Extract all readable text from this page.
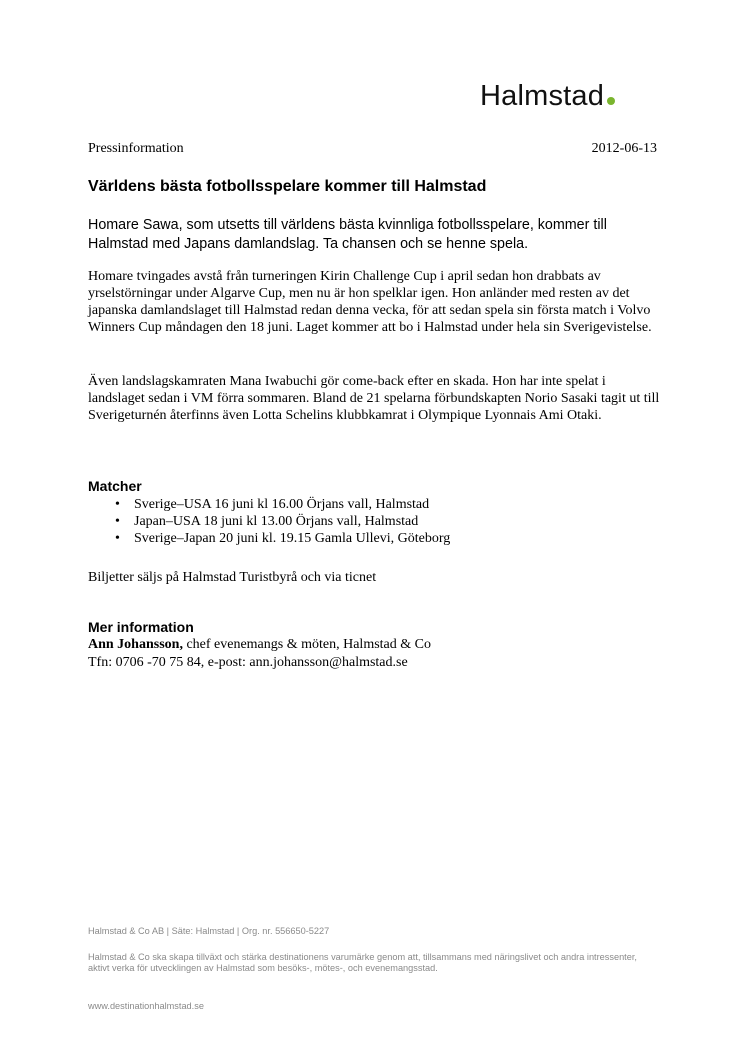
Halmstad
Pressinformation	2012-06-13
Världens bästa fotbollsspelare kommer till Halmstad

Homare Sawa, som utsetts till världens bästa kvinnliga fotbollsspelare, kommer till Halmstad med Japans damlandslag. Ta chansen och se henne spela.

Homare tvingades avstå från turneringen Kirin Challenge Cup i april sedan hon drabbats av yrselstörningar under Algarve Cup, men nu är hon spelklar igen. Hon anländer med resten av det japanska damlandslaget till Halmstad redan denna vecka, för att sedan spela sin första match i Volvo Winners Cup måndagen den 18 juni. Laget kommer att bo i Halmstad under hela sin Sverigevistelse.

Även landslagskamraten Mana Iwabuchi gör come-back efter en skada. Hon har inte spelat i landslaget sedan i VM förra sommaren. Bland de 21 spelarna förbundskapten Norio Sasaki tagit ut till Sverigeturnén återfinns även Lotta Schelins klubbkamrat i Olympique Lyonnais Ami Otaki.

Matcher
• Sverige–USA 16 juni kl 16.00 Örjans vall, Halmstad
• Japan–USA 18 juni kl 13.00 Örjans vall, Halmstad
• Sverige–Japan 20 juni kl. 19.15 Gamla Ullevi, Göteborg

Biljetter säljs på Halmstad Turistbyrå och via ticnet

Mer information

Ann Johansson, chef evenemangs & möten, Halmstad & Co

Tfn: 0706 -70 75 84, e-post: ann.johansson@halmstad.se

Halmstad & Co AB | Säte: Halmstad | Org. nr. 556650-5227

Halmstad & Co ska skapa tillväxt och stärka destinationens varumärke genom att, tillsammans med näringslivet och andra intressenter, aktivt verka för utvecklingen av Halmstad som besöks-, mötes-, och evenemangsstad.

www.destinationhalmstad.se
